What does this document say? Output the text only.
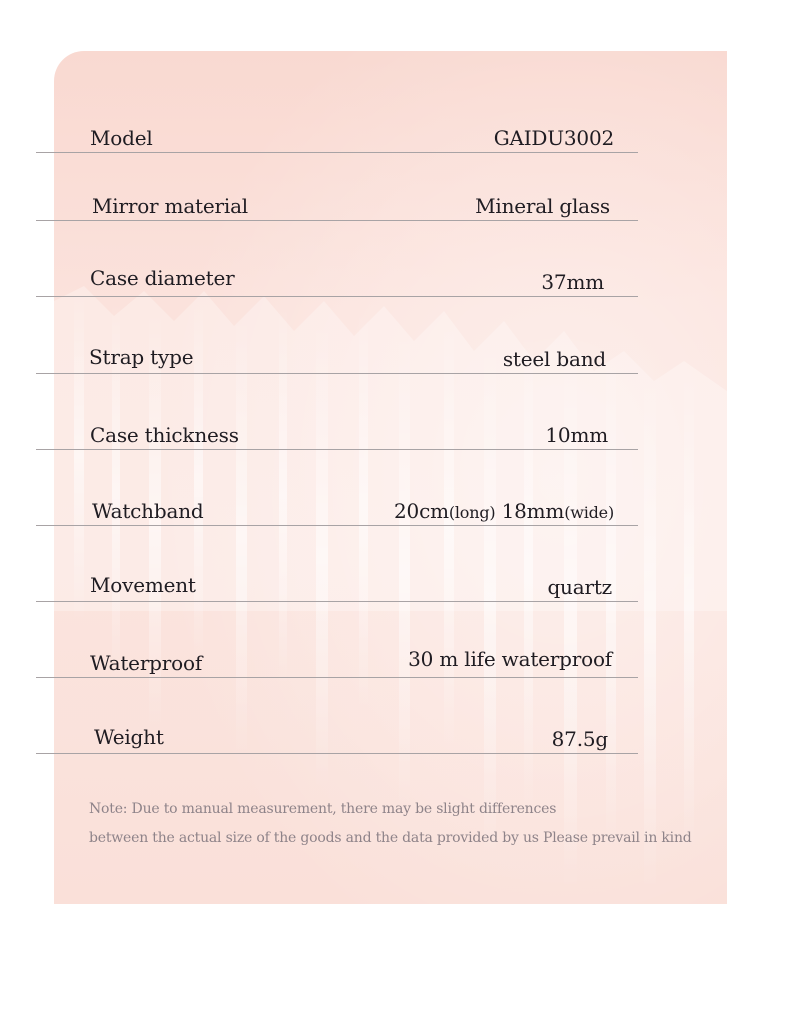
Model	GAIDU3002
Mirror material	Mineral glass
Case diameter	37mm
Strap type	steel band
Case thickness	10mm
Watchband	20cm(long) 18mm(wide)
Movement	quartz
Waterproof	30 m life waterproof
Weight	87.5g
Note: Due to manual measurement, there may be slight differences
between the actual size of the goods and the data provided by us Please prevail in kind
